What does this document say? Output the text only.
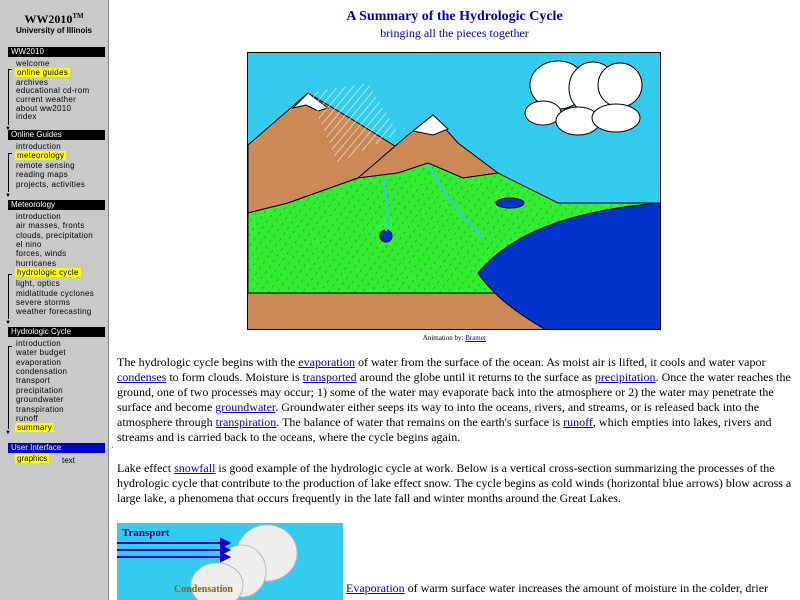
WW2010™
University of Illinois
WW2010
▼
welcome
online guides
archives
educational cd-rom
current weather
about ww2010
index
Online Guides
▼
introduction
meteorology
remote sensing
reading maps
projects, activities
Meteorology
▼
introduction
air masses, fronts
clouds, precipitation
el nino
forces, winds
hurricanes
hydrologic cycle
light, optics
midlatitude cyclones
severe storms
weather forecasting
Hydrologic Cycle
▼
introduction
water budget
evaporation
condensation
transport
precipitation
groundwater
transpiration
runoff
summary
User Interface
graphics text
A Summary of the Hydrologic Cycle
bringing all the pieces together
Animation by: Bramer

The hydrologic cycle begins with the evaporation of water from the surface of the ocean. As moist air is lifted, it cools and water vapor condenses to form clouds. Moisture is transported around the globe until it returns to the surface as precipitation. Once the water reaches the ground, one of two processes may occur; 1) some of the water may evaporate back into the atmosphere or 2) the water may penetrate the surface and become groundwater. Groundwater either seeps its way to into the oceans, rivers, and streams, or is released back into the atmosphere through transpiration. The balance of water that remains on the earth's surface is runoff, which empties into lakes, rivers and streams and is carried back to the oceans, where the cycle begins again.

·

Lake effect snowfall is good example of the hydrologic cycle at work. Below is a vertical cross-section summarizing the processes of the hydrologic cycle that contribute to the production of lake effect snow. The cycle begins as cold winds (horizontal blue arrows) blow across a large lake, a phenomena that occurs frequently in the late fall and winter months around the Great Lakes.

Transport
Condensation	Evaporation of warm surface water increases the amount of moisture in the colder, drier
